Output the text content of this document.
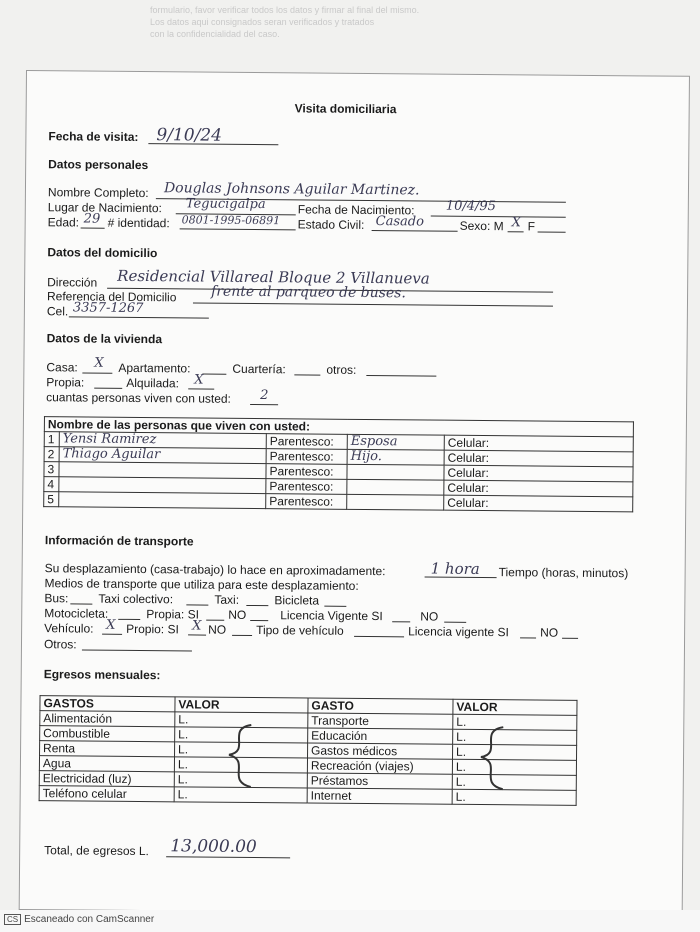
formulario, favor verificar todos los datos y firmar al final del mismo.
Los datos aqui consignados seran verificados y tratados
con la confidencialidad del caso.
Visita domiciliaria
Fecha de visita: 9/10/24
Datos personales
Nombre Completo: Douglas Johnsons Aguilar Martinez.
Lugar de Nacimiento: Tegucigalpa	Fecha de Nacimiento: 10/4/95
Edad: 29 # identidad: 0801-1995-06891 Estado Civil: Casado	Sexo: M X F
Datos del domicilio
Dirección Residencial Villareal Bloque 2 Villanueva
Referencia del Domicilio frente al parqueo de buses.
Cel. 3357-1267
Datos de la vivienda
Casa: X Apartamento:	Cuartería:	otros:
Propia:	Alquilada: X
cuantas personas viven con usted: 2
Nombre de las personas que viven con usted:				
1	Yensi Ramirez	Parentesco:	Esposa	Celular:
2	Thiago Aguilar	Parentesco:	Hijo.	Celular:
3		Parentesco:		Celular:
4		Parentesco:		Celular:
5		Parentesco:		Celular:
Información de transporte
Su desplazamiento (casa-trabajo) lo hace en aproximadamente:	1 hora Tiempo (horas, minutos)
Medios de transporte que utiliza para este desplazamiento:
Bus: Taxi colectivo:	Taxi:	Bicicleta
Motocicleta:	Propia: SI NO	Licencia Vigente SI	NO
Vehículo: X Propio: SI X NO Tipo de vehículo	Licencia vigente SI	NO
Otros:
Egresos mensuales:
GASTOS	VALOR	GASTO	VALOR
Alimentación	L.	Transporte	L.
Combustible	L.	Educación	L.
Renta	L.	Gastos médicos	L.
Agua	L.	Recreación (viajes)	L.
Electricidad (luz)	L.	Préstamos	L.
Teléfono celular	L.	Internet	L.
Total, de egresos L. 13,000.00
CS Escaneado con CamScanner
